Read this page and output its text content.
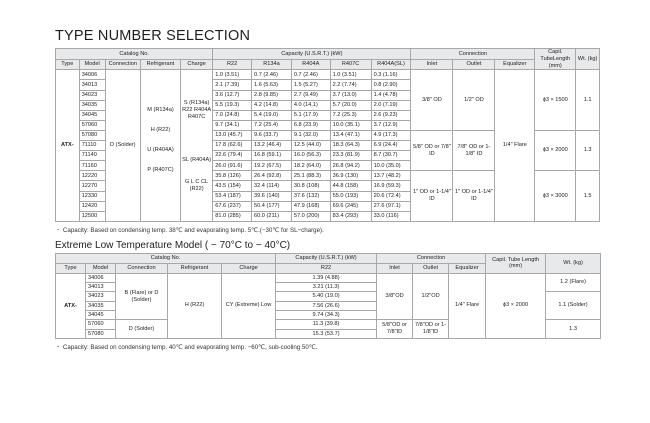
TYPE NUMBER SELECTION
Catalog No.					Capacity (U.S.R.T.) (kW)					Connection			Capil. TubeLength (mm)	Wt. (kg)
Type	Model	Connection	Refrigerant	Charge	R22	R134a	R404A	R407C	R404A(SL)	Inlet	Outlet	Equalizer		
ATX-	34006	D (Solder)			1.0 (3.51)	0.7 (2.46)	0.7 (2.46)	1.0 (3.51)	0.3 (1.16)	3/8" OD	1/2" OD	1/4" Flare	ϕ3 × 1500	1.1
	34013				2.1 (7.39)	1.6 (5.63)	1.5 (5.27)	2.2 (7.74)	0.8 (2.90)					
	34023			S (R134a) R22 R404A R407C	3.6 (12.7)	2.8 (9.85)	2.7 (9.49)	3.7 (13.0)	1.4 (4.78)					
	34035		M (R134a)		5.5 (19.3)	4.2 (14.8)	4.0 (14.1)	5.7 (20.0)	2.0 (7.19)					
	34045				7.0 (24.8)	5.4 (19.0)	5.1 (17.9)	7.2 (25.3)	2.6 (9.23)					
	57060		H (R22)		9.7 (34.1)	7.2 (25.4)	6.8 (23.9)	10.0 (35.1)	3.7 (12.9)					
	57080				13.0 (45.7)	9.6 (33.7)	9.1 (32.0)	13.4 (47.1)	4.9 (17.3)	5/8" OD or 7/8" ID	7/8" OD or 1-1/8" ID		ϕ3 × 2000	1.3
	71110		U (R404A)		17.8 (62.6)	13.2 (46.4)	12.5 (44.0)	18.3 (64.3)	6.9 (24.4)					
	71140			SL (R404A)	22.6 (79.4)	16.8 (59.1)	16.0 (56.3)	23.3 (81.9)	8.7 (30.7)					
	71160		P (R407C)		26.0 (91.6)	19.2 (67.5)	18.2 (64.0)	26.8 (94.2)	10.0 (35.0)					
	12220			G L C CL (R22)	35.8 (126)	26.4 (92.8)	25.1 (88.3)	36.9 (130)	13.7 (48.2)	1" OD or 1-1/4" ID	1" OD or 1-1/4" ID		ϕ3 × 3000	1.5
	12270				43.5 (154)	32.4 (114)	30.8 (108)	44.8 (158)	16.9 (59.3)					
	12330				53.4 (187)	39.6 (140)	37.6 (132)	55.0 (193)	20.6 (72.4)					
	12420				67.6 (237)	50.4 (177)	47.9 (168)	69.6 (245)	27.6 (97.1)					
	12500				81.0 (285)	60.0 (211)	57.0 (200)	83.4 (293)	33.0 (116)					
・ Capacity: Based on condensing temp. 38℃ and evaporating temp. 5℃.(−30℃ for SL−charge).
Extreme Low Temperature Model ( − 70°C to − 40°C)
Catalog No.					Capacity (U.S.R.T.) (kW)	Connection			Capil. Tube Length (mm)	Wt. (kg)
Type	Model	Connection	Refrigerant	Charge	R22	Inlet	Outlet	Equalizer		
ATX-	34006	B (Flare) or D (Solder)	H (R22)	CY (Extreme) Low	1.39 (4.88)	3/8"OD	1/2"OD	1/4" Flare	ϕ3 × 2000	1.2 (Flare)
	34013				3.21 (11.3)					
	34023				5.40 (19.0)					1.1 (Solder)
	34035				7.56 (26.6)					
	34045				9.74 (34.3)					
	57060	D (Solder)			11.3 (39.8)	5/8"OD or 7/8"ID	7/8"OD or 1-1/8"ID			1.3
	57080				15.3 (53.7)					
・ Capacity: Based on condensing temp. 40℃ and evaporating temp. −60℃, sub-cooling 50℃.
